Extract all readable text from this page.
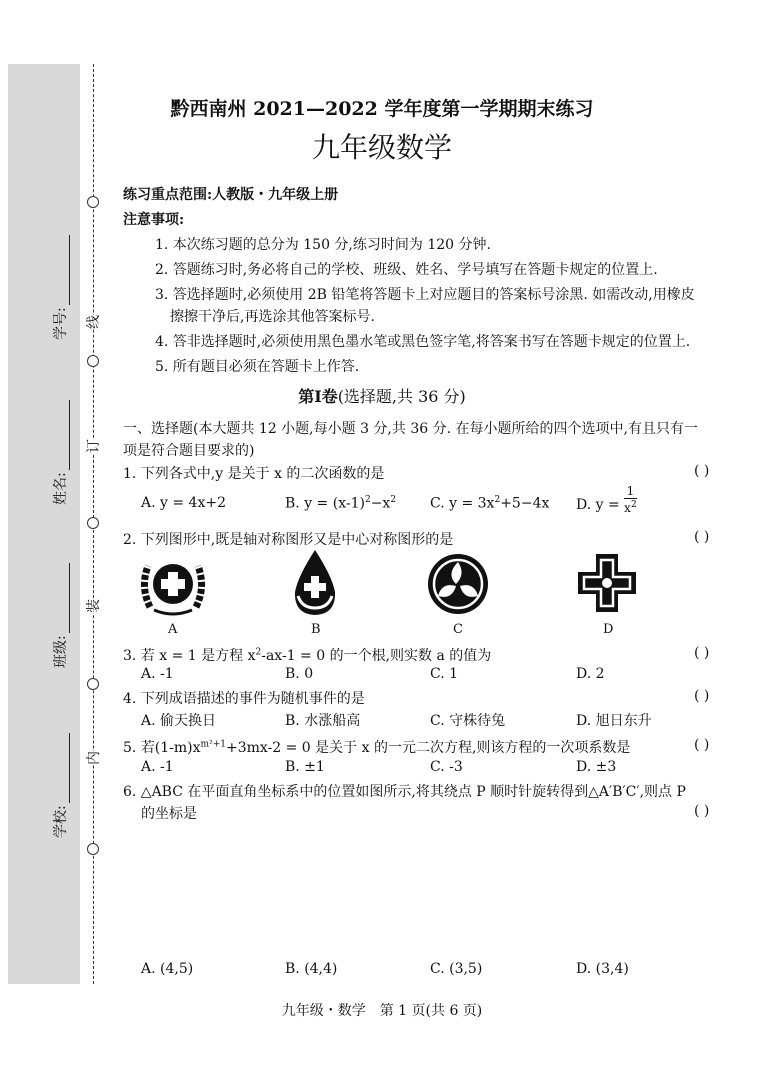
线
订
装
内
学号:
姓名:
班级:
学校:
黔西南州 2021—2022 学年度第一学期期末练习
九年级数学
练习重点范围:人教版・九年级上册
注意事项:
1. 本次练习题的总分为 150 分,练习时间为 120 分钟.
2. 答题练习时,务必将自己的学校、班级、姓名、学号填写在答题卡规定的位置上.
3. 答选择题时,必须使用 2B 铅笔将答题卡上对应题目的答案标号涂黑. 如需改动,用橡皮
擦擦干净后,再选涂其他答案标号.
4. 答非选择题时,必须使用黑色墨水笔或黑色签字笔,将答案书写在答题卡规定的位置上.
5. 所有题目必须在答题卡上作答.
第Ⅰ卷(选择题,共 36 分)
一、选择题(本大题共 12 小题,每小题 3 分,共 36 分. 在每小题所给的四个选项中,有且只有一
项是符合题目要求的)
1. 下列各式中,y 是关于 x 的二次函数的是	( )
A. y = 4x+2	B. $y = (x-1)^2-x^2$ C. $y = 3x^2+5-4x$ D. $y = \frac{1}{x^2}$
2. 下列图形中,既是轴对称图形又是中心对称图形的是	( )
A	B	C	D
3. 若 x = 1 是方程 $x^2-ax-1 = 0$ 的一个根,则实数 a 的值为	( )
A. -1	B. 0	C. 1	D. 2
4. 下列成语描述的事件为随机事件的是	( )
A. 偷天换日	B. 水涨船高	C. 守株待兔	D. 旭日东升
5. 若$(1-m)x^{m^2+1}+3mx-2 = 0$ 是关于 x 的一元二次方程,则该方程的一次项系数是	( )
A. -1	B. ±1	C. -3	D. ±3
6. △ABC 在平面直角坐标系中的位置如图所示,将其绕点 P 顺时针旋转得到△A′B′C′,则点 P
的坐标是	( )
A. (4,5)	B. (4,4)	C. (3,5)	D. (3,4)
九年级・数学　第 1 页(共 6 页)
